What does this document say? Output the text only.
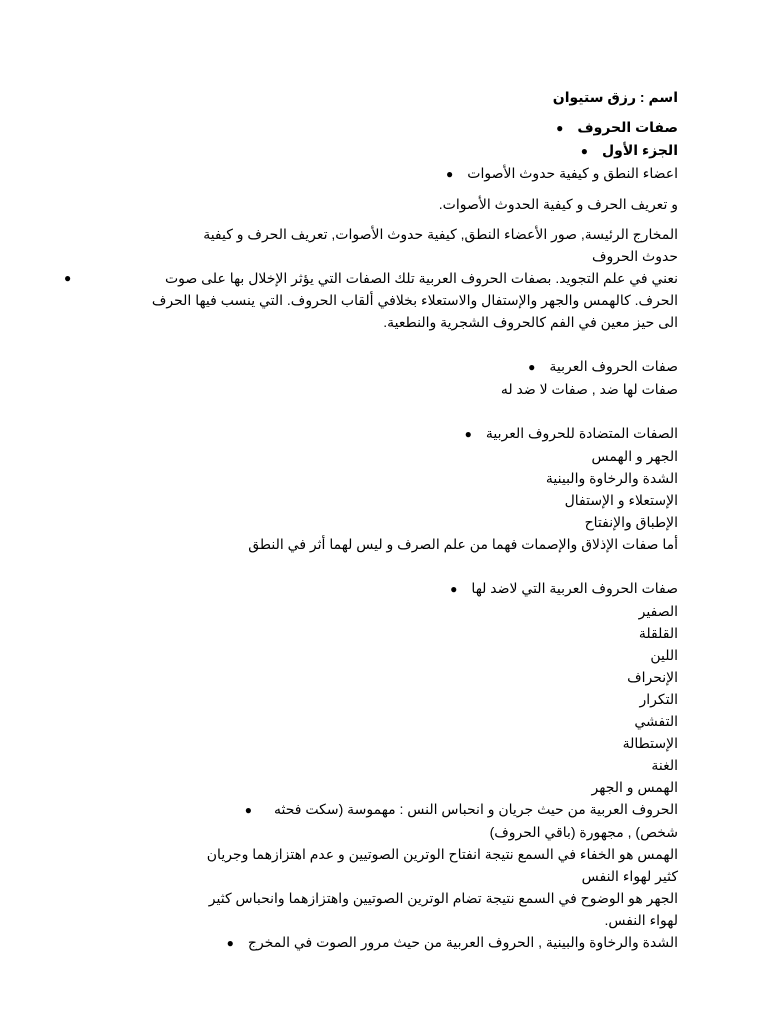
اسم : رزق ستيوان
صفات الحروف●
الجزء الأول●
اعضاء النطق و كيفية حدوث الأصوات●
و تعريف الحرف و كيفية الحدوث الأصوات.
المخارج الرئيسة, صور الأعضاء النطق, كيفية حدوث الأصوات, تعريف الحرف و كيفية
حدوث الحروف
●	نعني في علم التجويد. بصفات الحروف العربية تلك الصفات التي يؤثر الإخلال بها على صوت
الحرف. كالهمس والجهر والإستفال والاستعلاء بخلافي ألقاب الحروف. التي ينسب فيها الحرف
الى حيز معين في الفم كالحروف الشجرية والنطعية.
صفات الحروف العربية●
صفات لها ضد , صفات لا ضد له
الصفات المتضادة للحروف العربية●
الجهر و الهمس
الشدة والرخاوة والبينية
الإستعلاء و الإستفال
الإطباق والإنفتاح
أما صفات الإذلاق والإصمات فهما من علم الصرف و ليس لهما أثر في النطق
صفات الحروف العربية التي لاضد لها●
الصفير
القلقلة
اللين
الإنحراف
التكرار
التفشي
الإستطالة
الغنة
الهمس و الجهر
الحروف العربية من حيث جريان و انحباس النس : مهموسة (سكت فحثه●
شخص) , مجهورة (باقي الحروف)
الهمس هو الخفاء في السمع نتيجة انفتاح الوترين الصوتيين و عدم اهتزازهما وجريان
كثير لهواء النفس
الجهر هو الوضوح في السمع نتيجة تضام الوترين الصوتيين واهتزازهما وانحباس كثير
لهواء النفس.
الشدة والرخاوة والبينية , الحروف العربية من حيث مرور الصوت في المخرج●
